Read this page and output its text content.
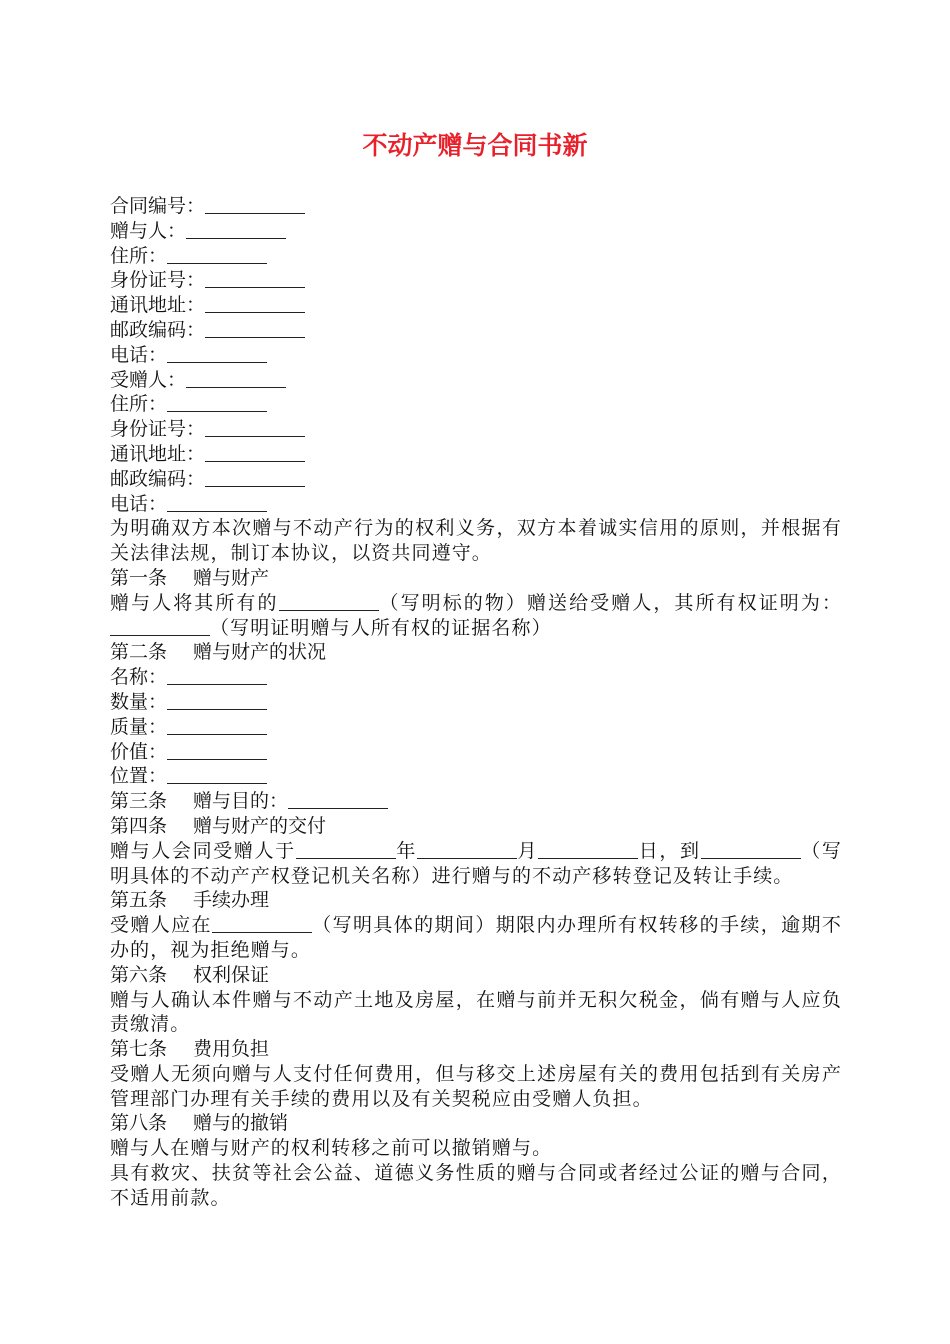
不动产赠与合同书新
合同编号：
赠与人：
住所：
身份证号：
通讯地址：
邮政编码：
电话：
受赠人：
住所：
身份证号：
通讯地址：
邮政编码：
电话：
为明确双方本次赠与不动产行为的权利义务，双方本着诚实信用的原则，并根据有关法律法规，制订本协议，以资共同遵守。
第一条 赠与财产
赠与人将其所有的	（写明标的物）赠送给受赠人，其所有权证明为：（写明证明赠与人所有权的证据名称）
第二条 赠与财产的状况
名称：
数量：
质量：
价值：
位置：
第三条 赠与目的：
第四条 赠与财产的交付
赠与人会同受赠人于	年	月	日，到	（写明具体的不动产产权登记机关名称）进行赠与的不动产移转登记及转让手续。
第五条 手续办理
受赠人应在	（写明具体的期间）期限内办理所有权转移的手续，逾期不办的，视为拒绝赠与。
第六条 权利保证
赠与人确认本件赠与不动产土地及房屋，在赠与前并无积欠税金，倘有赠与人应负责缴清。
第七条 费用负担
受赠人无须向赠与人支付任何费用，但与移交上述房屋有关的费用包括到有关房产管理部门办理有关手续的费用以及有关契税应由受赠人负担。
第八条 赠与的撤销
赠与人在赠与财产的权利转移之前可以撤销赠与。
具有救灾、扶贫等社会公益、道德义务性质的赠与合同或者经过公证的赠与合同，不适用前款。
